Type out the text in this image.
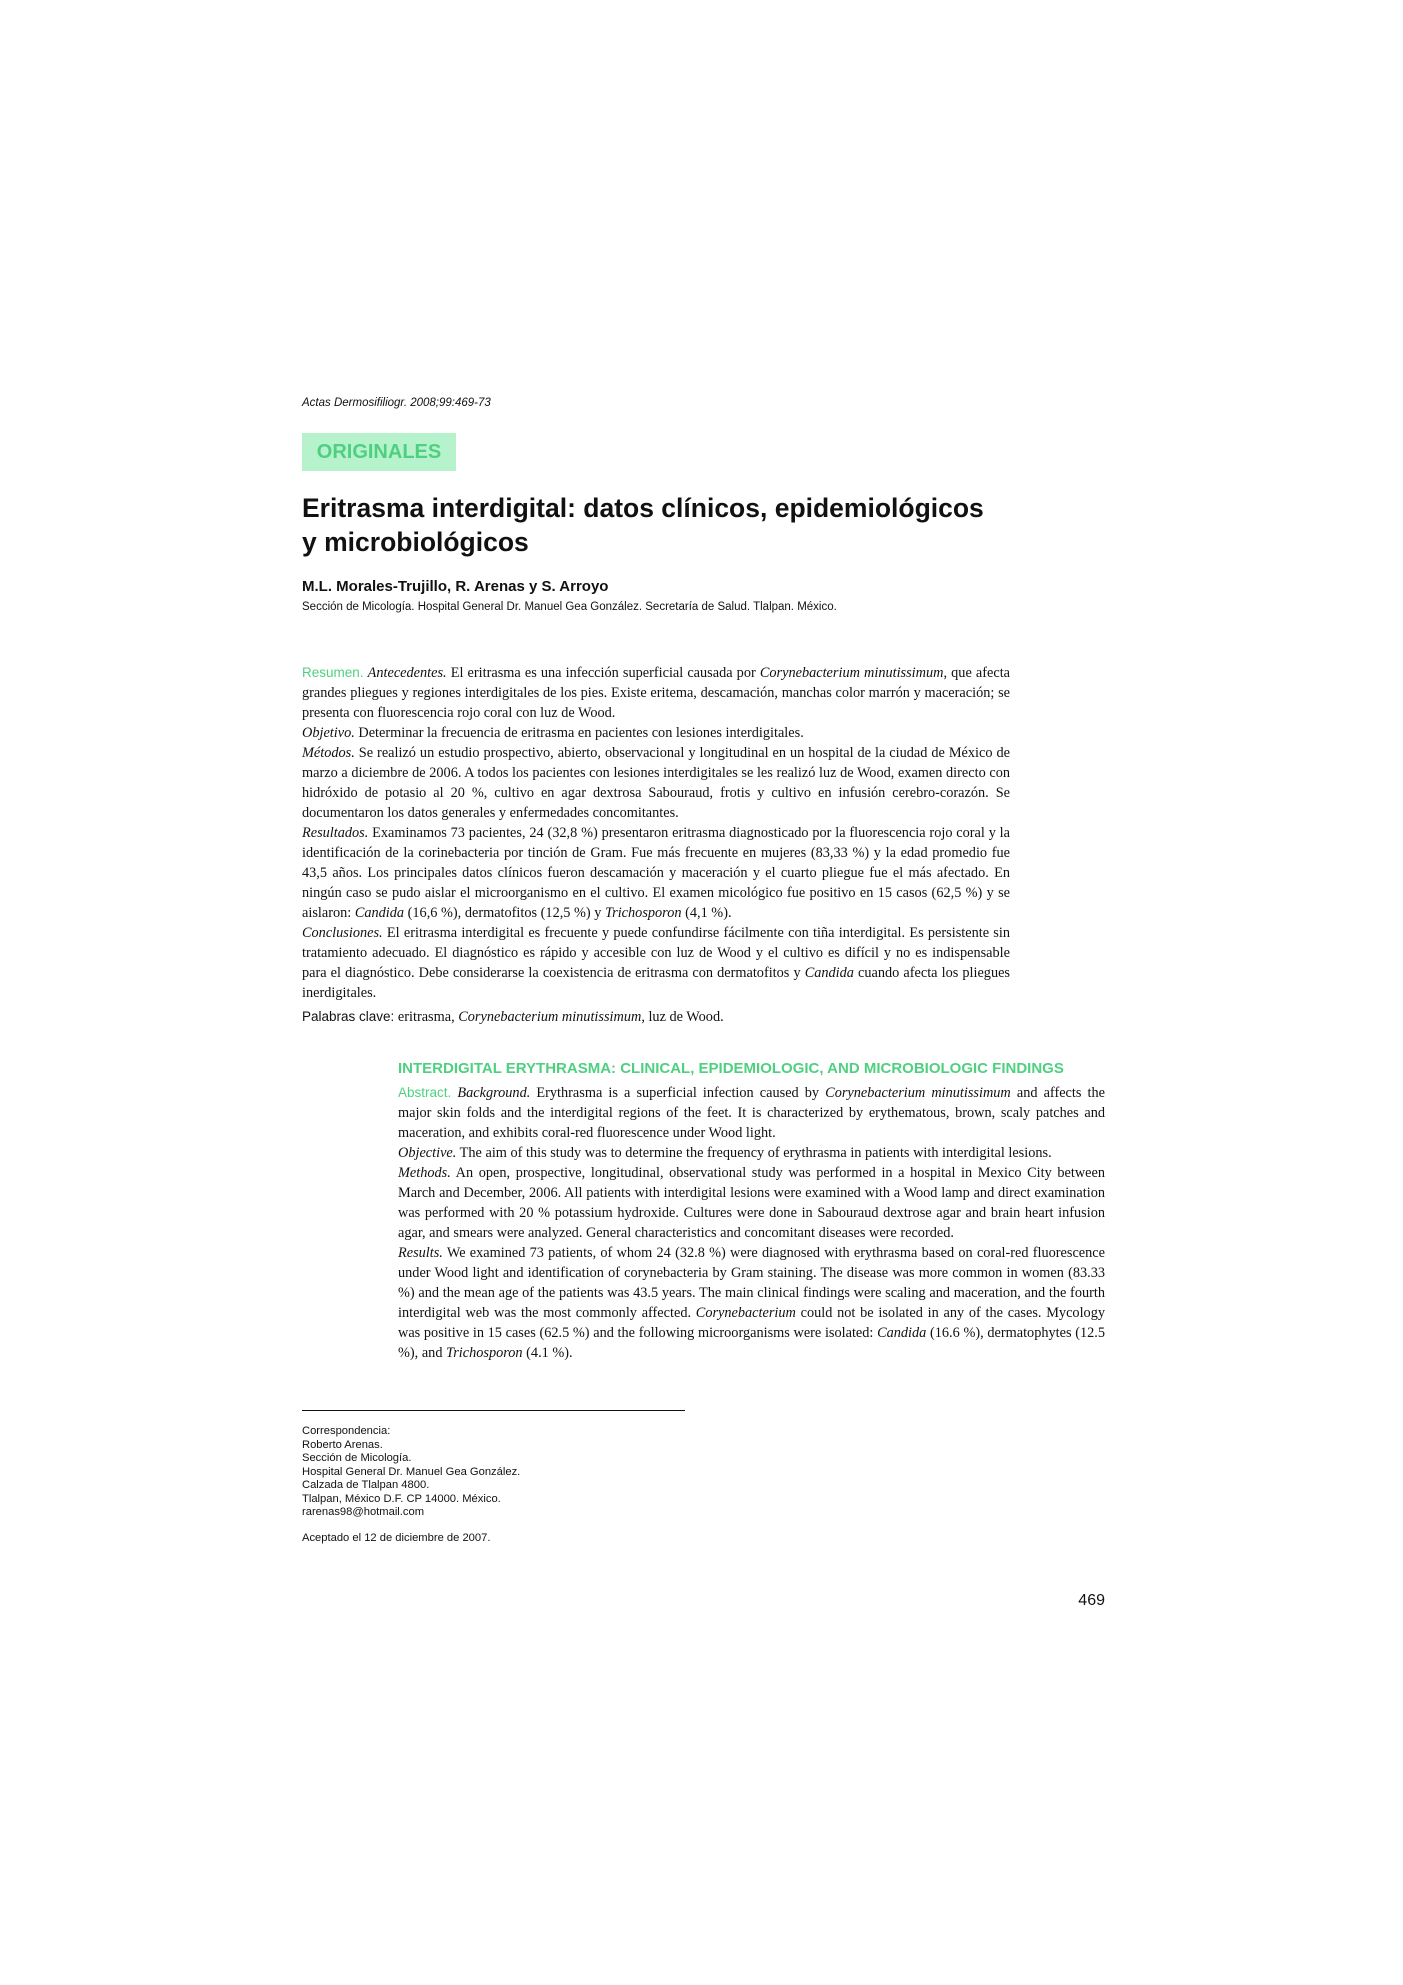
Actas Dermosifiliogr. 2008;99:469-73
ORIGINALES
Eritrasma interdigital: datos clínicos, epidemiológicos
y microbiológicos
M.L. Morales-Trujillo, R. Arenas y S. Arroyo
Sección de Micología. Hospital General Dr. Manuel Gea González. Secretaría de Salud. Tlalpan. México.

Resumen. Antecedentes. El eritrasma es una infección superficial causada por Corynebacterium minutissimum, que afecta grandes pliegues y regiones interdigitales de los pies. Existe eritema, descamación, manchas color marrón y maceración; se presenta con fluorescencia rojo coral con luz de Wood.

Objetivo. Determinar la frecuencia de eritrasma en pacientes con lesiones interdigitales.

Métodos. Se realizó un estudio prospectivo, abierto, observacional y longitudinal en un hospital de la ciudad de México de marzo a diciembre de 2006. A todos los pacientes con lesiones interdigitales se les realizó luz de Wood, examen directo con hidróxido de potasio al 20 %, cultivo en agar dextrosa Sabouraud, frotis y cultivo en infusión cerebro-corazón. Se documentaron los datos generales y enfermedades concomitantes.

Resultados. Examinamos 73 pacientes, 24 (32,8 %) presentaron eritrasma diagnosticado por la fluorescencia rojo coral y la identificación de la corinebacteria por tinción de Gram. Fue más frecuente en mujeres (83,33 %) y la edad promedio fue 43,5 años. Los principales datos clínicos fueron descamación y maceración y el cuarto pliegue fue el más afectado. En ningún caso se pudo aislar el microorganismo en el cultivo. El examen micológico fue positivo en 15 casos (62,5 %) y se aislaron: Candida (16,6 %), dermatofitos (12,5 %) y Trichosporon (4,1 %).

Conclusiones. El eritrasma interdigital es frecuente y puede confundirse fácilmente con tiña interdigital. Es persistente sin tratamiento adecuado. El diagnóstico es rápido y accesible con luz de Wood y el cultivo es difícil y no es indispensable para el diagnóstico. Debe considerarse la coexistencia de eritrasma con dermatofitos y Candida cuando afecta los pliegues inerdigitales.

Palabras clave: eritrasma, Corynebacterium minutissimum, luz de Wood.
INTERDIGITAL ERYTHRASMA: CLINICAL, EPIDEMIOLOGIC, AND MICROBIOLOGIC FINDINGS

Abstract. Background. Erythrasma is a superficial infection caused by Corynebacterium minutissimum and affects the major skin folds and the interdigital regions of the feet. It is characterized by erythematous, brown, scaly patches and maceration, and exhibits coral-red fluorescence under Wood light.

Objective. The aim of this study was to determine the frequency of erythrasma in patients with interdigital lesions.

Methods. An open, prospective, longitudinal, observational study was performed in a hospital in Mexico City between March and December, 2006. All patients with interdigital lesions were examined with a Wood lamp and direct examination was performed with 20 % potassium hydroxide. Cultures were done in Sabouraud dextrose agar and brain heart infusion agar, and smears were analyzed. General characteristics and concomitant diseases were recorded.

Results. We examined 73 patients, of whom 24 (32.8 %) were diagnosed with erythrasma based on coral-red fluorescence under Wood light and identification of corynebacteria by Gram staining. The disease was more common in women (83.33 %) and the mean age of the patients was 43.5 years. The main clinical findings were scaling and maceration, and the fourth interdigital web was the most commonly affected. Corynebacterium could not be isolated in any of the cases. Mycology was positive in 15 cases (62.5 %) and the following microorganisms were isolated: Candida (16.6 %), dermatophytes (12.5 %), and Trichosporon (4.1 %).

Correspondencia:
Roberto Arenas.
Sección de Micología.
Hospital General Dr. Manuel Gea González.
Calzada de Tlalpan 4800.
Tlalpan, México D.F. CP 14000. México.
rarenas98@hotmail.com
Aceptado el 12 de diciembre de 2007.
469
